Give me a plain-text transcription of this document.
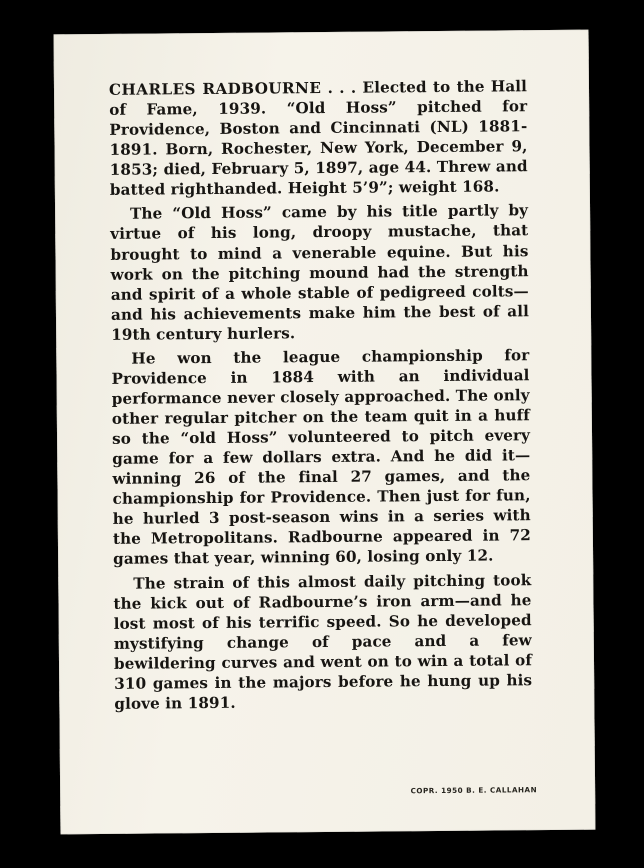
CHARLES RADBOURNE . . . Elected to the Hall of Fame, 1939. “Old Hoss” pitched for Providence, Boston and Cincinnati (NL) 1881-1891. Born, Rochester, New York, December 9, 1853; died, February 5, 1897, age 44. Threw and batted righthanded. Height 5’9”; weight 168.

The “Old Hoss” came by his title partly by virtue of his long, droopy mustache, that brought to mind a venerable equine. But his work on the pitching mound had the strength and spirit of a whole stable of pedigreed colts—and his achievements make him the best of all 19th century hurlers.

He won the league championship for Providence in 1884 with an individual performance never closely approached. The only other regular pitcher on the team quit in a huff so the “old Hoss” volunteered to pitch every game for a few dollars extra. And he did it—winning 26 of the final 27 games, and the championship for Providence. Then just for fun, he hurled 3 post-season wins in a series with the Metropolitans. Radbourne appeared in 72 games that year, winning 60, losing only 12.

The strain of this almost daily pitching took the kick out of Radbourne’s iron arm—and he lost most of his terrific speed. So he developed mystifying change of pace and a few bewildering curves and went on to win a total of 310 games in the majors before he hung up his glove in 1891.

COPR. 1950 B. E. CALLAHAN
